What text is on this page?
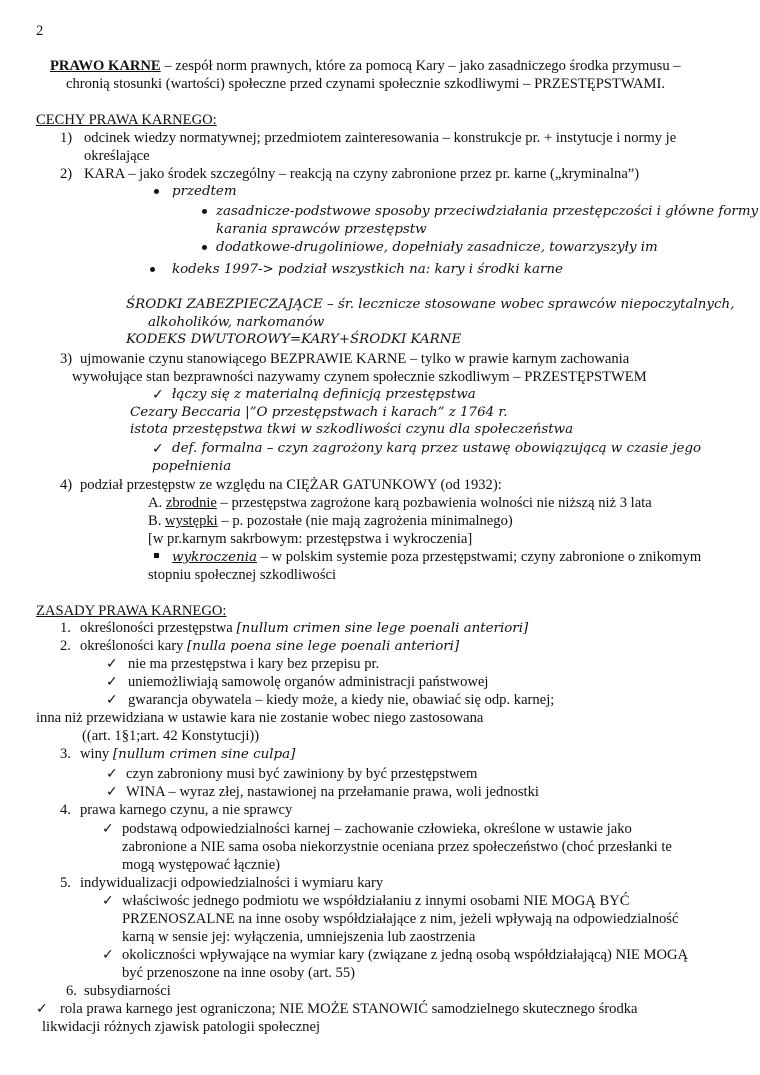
2
PRAWO KARNE – zespół norm prawnych, które za pomocą Kary – jako zasadniczego środka przymusu –
chronią stosunki (wartości) społeczne przed czynami społecznie szkodliwymi – PRZESTĘPSTWAMI.
CECHY PRAWA KARNEGO:
1) odcinek wiedzy normatywnej; przedmiotem zainteresowania – konstrukcje pr. + instytucje i normy je
określające
2) KARA – jako środek szczególny – reakcją na czyny zabronione przez pr. karne („kryminalna”)
przedtem
zasadnicze-podstwowe sposoby przeciwdziałania przestępczości i główne formy
karania sprawców przestępstw
dodatkowe-drugoliniowe, dopełniały zasadnicze, towarzyszyły im
kodeks 1997-> podział wszystkich na: kary i środki karne
ŚRODKI ZABEZPIECZAJĄCE – śr. lecznicze stosowane wobec sprawców niepoczytalnych,
alkoholików, narkomanów
KODEKS DWUTOROWY=KARY+ŚRODKI KARNE
3) ujmowanie czynu stanowiącego BEZPRAWIE KARNE – tylko w prawie karnym zachowania
wywołujące stan bezprawności nazywamy czynem społecznie szkodliwym – PRZESTĘPSTWEM
✓ łączy się z materialną definicją przestępstwa
Cezary Beccaria |”O przestępstwach i karach” z 1764 r.
istota przestępstwa tkwi w szkodliwości czynu dla społeczeństwa
✓ def. formalna – czyn zagrożony karą przez ustawę obowiązującą w czasie jego
popełnienia
4) podział przestępstw ze względu na CIĘŻAR GATUNKOWY (od 1932):
A. zbrodnie – przestępstwa zagrożone karą pozbawienia wolności nie niższą niż 3 lata
B. występki – p. pozostałe (nie mają zagrożenia minimalnego)
[w pr.karnym sakrbowym: przestępstwa i wykroczenia]
wykroczenia – w polskim systemie poza przestępstwami; czyny zabronione o znikomym
stopniu społecznej szkodliwości
ZASADY PRAWA KARNEGO:
1. określoności przestępstwa [nullum crimen sine lege poenali anteriori]
2. określoności kary [nulla poena sine lege poenali anteriori]
✓ nie ma przestępstwa i kary bez przepisu pr.
✓ uniemożliwiają samowolę organów administracji państwowej
✓ gwarancja obywatela – kiedy może, a kiedy nie, obawiać się odp. karnej;
inna niż przewidziana w ustawie kara nie zostanie wobec niego zastosowana
((art. 1§1;art. 42 Konstytucji))
3. winy [nullum crimen sine culpa]
✓ czyn zabroniony musi być zawiniony by być przestępstwem
✓ WINA – wyraz złej, nastawionej na przełamanie prawa, woli jednostki
4. prawa karnego czynu, a nie sprawcy
✓ podstawą odpowiedzialności karnej – zachowanie człowieka, określone w ustawie jako
zabronione a NIE sama osoba niekorzystnie oceniana przez społeczeństwo (choć przesłanki te
mogą występować łącznie)
5. indywidualizacji odpowiedzialności i wymiaru kary
✓ właściwośc jednego podmiotu we współdziałaniu z innymi osobami NIE MOGĄ BYĆ
PRZENOSZALNE na inne osoby współdziałające z nim, jeżeli wpływają na odpowiedzialność
karną w sensie jej: wyłączenia, umniejszenia lub zaostrzenia
✓ okoliczności wpływające na wymiar kary (związane z jedną osobą współdziałającą) NIE MOGĄ
być przenoszone na inne osoby (art. 55)
6. subsydiarności
✓ rola prawa karnego jest ograniczona; NIE MOŻE STANOWIĆ samodzielnego skutecznego środka
likwidacji różnych zjawisk patologii społecznej
